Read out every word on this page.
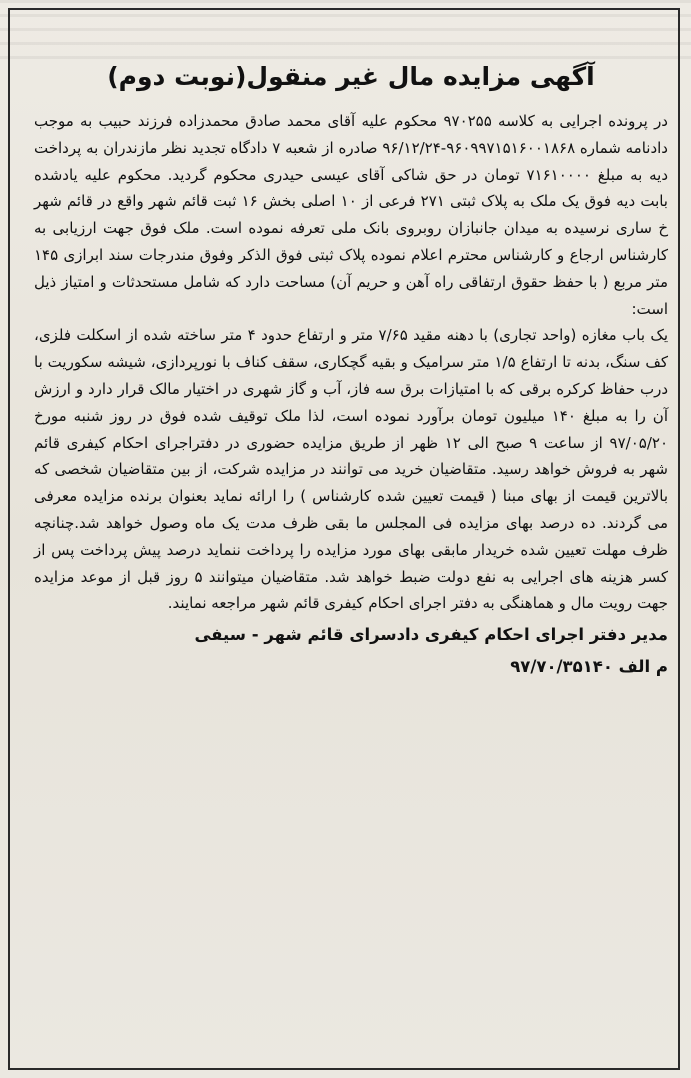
آگهی مزایده مال غیر منقول(نوبت دوم)

در پرونده اجرایی به کلاسه ۹۷۰۲۵۵ محکوم علیه آقای محمد صادق محمدزاده فرزند حبیب به موجب دادنامه شماره ۹۶۰۹۹۷۱۵۱۶۰۰۱۸۶۸-۹۶/۱۲/۲۴ صادره از شعبه ۷ دادگاه تجدید نظر مازندران به پرداخت دیه به مبلغ ۷۱۶۱۰۰۰۰ تومان در حق شاکی آقای عیسی حیدری محکوم گردید. محکوم علیه یادشده بابت دیه فوق یک ملک به پلاک ثبتی ۲۷۱ فرعی از ۱۰ اصلی بخش ۱۶ ثبت قائم شهر واقع در قائم شهر خ ساری نرسیده به میدان جانبازان روبروی بانک ملی تعرفه نموده است. ملک فوق جهت ارزیابی به کارشناس ارجاع و کارشناس محترم اعلام نموده پلاک ثبتی فوق الذکر وفوق مندرجات سند ابرازی ۱۴۵ متر مربع ( با حفظ حقوق ارتفاقی راه آهن و حریم آن) مساحت دارد که شامل مستحدثات و امتیاز ذیل است:

یک باب مغازه (واحد تجاری) با دهنه مقید ۷/۶۵ متر و ارتفاع حدود ۴ متر ساخته شده از اسکلت فلزی، کف سنگ، بدنه تا ارتفاع ۱/۵ متر سرامیک و بقیه گچکاری، سقف کناف با نورپردازی، شیشه سکوریت با درب حفاظ کرکره برقی که با امتیازات برق سه فاز، آب و گاز شهری در اختیار مالک قرار دارد و ارزش آن را به مبلغ ۱۴۰ میلیون تومان برآورد نموده است، لذا ملک توقیف شده فوق در روز شنبه مورخ ۹۷/۰۵/۲۰ از ساعت ۹ صبح الی ۱۲ ظهر از طریق مزایده حضوری در دفتراجرای احکام کیفری قائم شهر به فروش خواهد رسید. متقاضیان خرید می توانند در مزایده شرکت، از بین متقاضیان شخصی که بالاترین قیمت از بهای مبنا ( قیمت تعیین شده کارشناس ) را ارائه نماید بعنوان برنده مزایده معرفی می گردند. ده درصد بهای مزایده فی المجلس ما بقی ظرف مدت یک ماه وصول خواهد شد.چنانچه ظرف مهلت تعیین شده خریدار مابقی بهای مورد مزایده را پرداخت ننماید درصد پیش پرداخت پس از کسر هزینه های اجرایی به نفع دولت ضبط خواهد شد. متقاضیان میتوانند ۵ روز قبل از موعد مزایده جهت رویت مال و هماهنگی به دفتر اجرای احکام کیفری قائم شهر مراجعه نمایند.

مدیر دفتر اجرای احکام کیفری دادسرای قائم شهر - سیفی
م الف ۹۷/۷۰/۳۵۱۴۰
